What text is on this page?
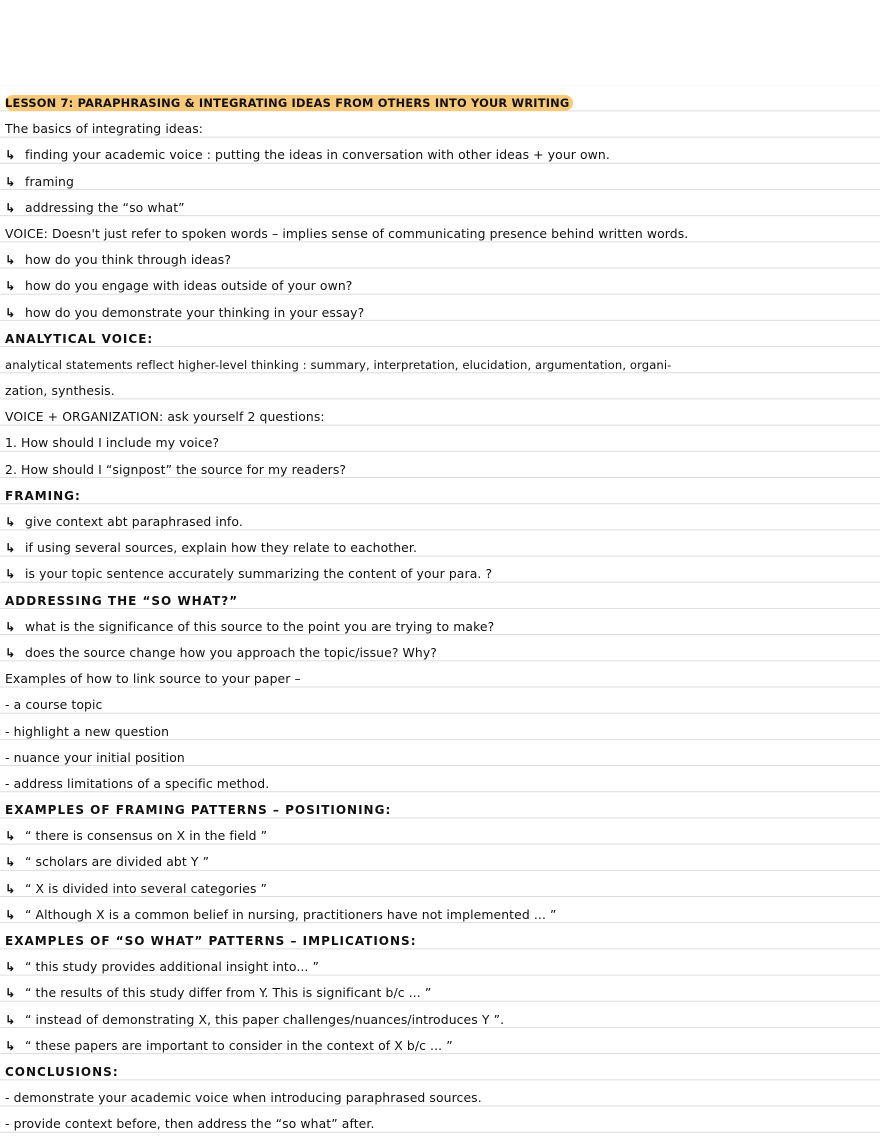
LESSON 7: PARAPHRASING & INTEGRATING IDEAS FROM OTHERS INTO YOUR WRITING
The basics of integrating ideas:
↳ finding your academic voice : putting the ideas in conversation with other ideas + your own.
↳ framing
↳ addressing the “so what”
VOICE: Doesn't just refer to spoken words – implies sense of communicating presence behind written words.
↳ how do you think through ideas?
↳ how do you engage with ideas outside of your own?
↳ how do you demonstrate your thinking in your essay?
ANALYTICAL VOICE:
analytical statements reflect higher-level thinking : summary, interpretation, elucidation, argumentation, organi-
zation, synthesis.
VOICE + ORGANIZATION: ask yourself 2 questions:
1. How should I include my voice?
2. How should I “signpost” the source for my readers?
FRAMING:
↳ give context abt paraphrased info.
↳ if using several sources, explain how they relate to eachother.
↳ is your topic sentence accurately summarizing the content of your para. ?
ADDRESSING THE “SO WHAT?”
↳ what is the significance of this source to the point you are trying to make?
↳ does the source change how you approach the topic/issue? Why?
Examples of how to link source to your paper –
- a course topic
- highlight a new question
- nuance your initial position
- address limitations of a specific method.
EXAMPLES OF FRAMING PATTERNS – POSITIONING:
↳ “ there is consensus on X in the field ”
↳ “ scholars are divided abt Y ”
↳ “ X is divided into several categories ”
↳ “ Although X is a common belief in nursing, practitioners have not implemented ... ”
EXAMPLES OF “SO WHAT” PATTERNS – IMPLICATIONS:
↳ “ this study provides additional insight into... ”
↳ “ the results of this study differ from Y. This is significant b/c ... ”
↳ “ instead of demonstrating X, this paper challenges/nuances/introduces Y ”.
↳ “ these papers are important to consider in the context of X b/c ... ”
CONCLUSIONS:
- demonstrate your academic voice when introducing paraphrased sources.
- provide context before, then address the “so what” after.
